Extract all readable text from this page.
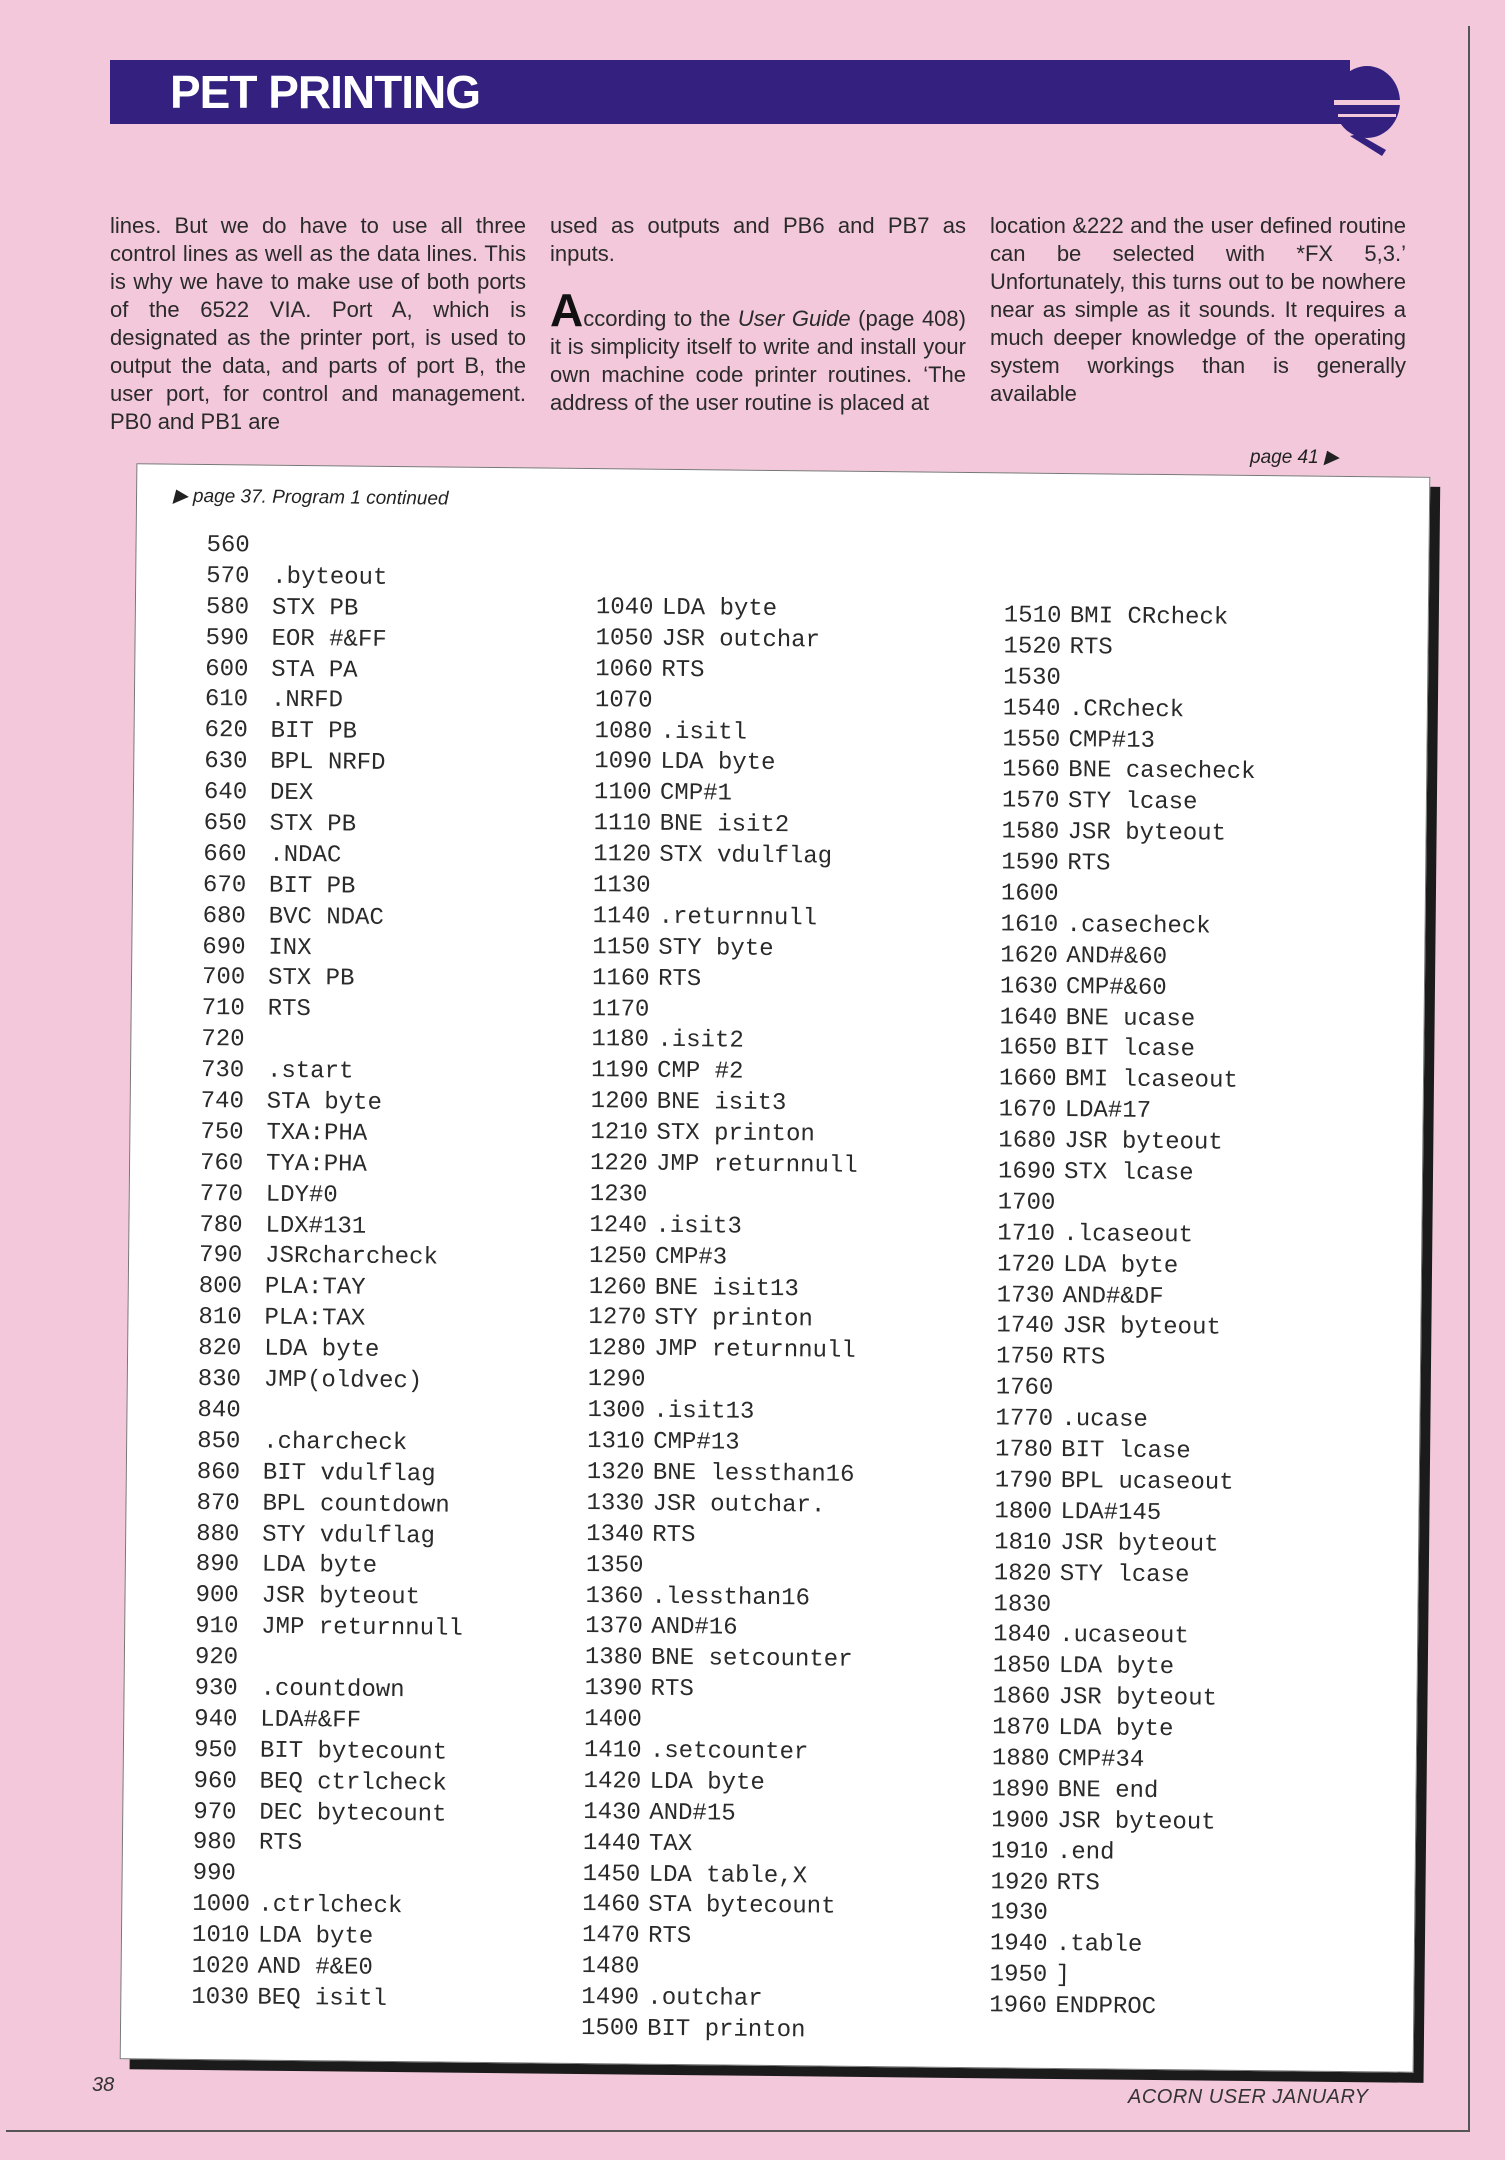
PET PRINTING

lines. But we do have to use all three control lines as well as the data lines. This is why we have to make use of both ports of the 6522 VIA. Port A, which is designated as the printer port, is used to output the data, and parts of port B, the user port, for control and management. PB0 and PB1 are

used as outputs and PB6 and PB7 as inputs.

According to the User Guide (page 408) it is simplicity itself to write and install your own machine code printer routines. ‘The address of the user routine is placed at

location &222 and the user defined routine can be selected with *FX 5,3.’ Unfortunately, this turns out to be nowhere near as simple as it sounds. It requires a much deeper knowledge of the operating system workings than is generally available

page 41 ▶
▶ page 37. Program 1 continued
560
570 .byteout
580 STX PB
590 EOR #&FF
600 STA PA
610 .NRFD
620 BIT PB
630 BPL NRFD
640 DEX
650 STX PB
660 .NDAC
670 BIT PB
680 BVC NDAC
690 INX
700 STX PB
710 RTS
720
730 .start
740 STA byte
750 TXA:PHA
760 TYA:PHA
770 LDY#0
780 LDX#131
790 JSRcharcheck
800 PLA:TAY
810 PLA:TAX
820 LDA byte
830 JMP(oldvec)
840
850 .charcheck
860 BIT vdulflag
870 BPL countdown
880 STY vdulflag
890 LDA byte
900 JSR byteout
910 JMP returnnull
920
930 .countdown
940 LDA#&FF
950 BIT bytecount
960 BEQ ctrlcheck
970 DEC bytecount
980 RTS
990
1000 .ctrlcheck
1010 LDA byte
1020 AND #&E0
1030 BEQ isitl
1040 LDA byte
1050 JSR outchar
1060 RTS
1070
1080 .isitl
1090 LDA byte
1100 CMP#1
1110 BNE isit2
1120 STX vdulflag
1130
1140 .returnnull
1150 STY byte
1160 RTS
1170
1180 .isit2
1190 CMP #2
1200 BNE isit3
1210 STX printon
1220 JMP returnnull
1230
1240 .isit3
1250 CMP#3
1260 BNE isit13
1270 STY printon
1280 JMP returnnull
1290
1300 .isit13
1310 CMP#13
1320 BNE lessthan16
1330 JSR outchar.
1340 RTS
1350
1360 .lessthan16
1370 AND#16
1380 BNE setcounter
1390 RTS
1400
1410 .setcounter
1420 LDA byte
1430 AND#15
1440 TAX
1450 LDA table,X
1460 STA bytecount
1470 RTS
1480
1490 .outchar
1500 BIT printon
1510 BMI CRcheck
1520 RTS
1530
1540 .CRcheck
1550 CMP#13
1560 BNE casecheck
1570 STY lcase
1580 JSR byteout
1590 RTS
1600
1610 .casecheck
1620 AND#&60
1630 CMP#&60
1640 BNE ucase
1650 BIT lcase
1660 BMI lcaseout
1670 LDA#17
1680 JSR byteout
1690 STX lcase
1700
1710 .lcaseout
1720 LDA byte
1730 AND#&DF
1740 JSR byteout
1750 RTS
1760
1770 .ucase
1780 BIT lcase
1790 BPL ucaseout
1800 LDA#145
1810 JSR byteout
1820 STY lcase
1830
1840 .ucaseout
1850 LDA byte
1860 JSR byteout
1870 LDA byte
1880 CMP#34
1890 BNE end
1900 JSR byteout
1910 .end
1920 RTS
1930
1940 .table
1950 ]
1960 ENDPROC
38
ACORN USER JANUARY
